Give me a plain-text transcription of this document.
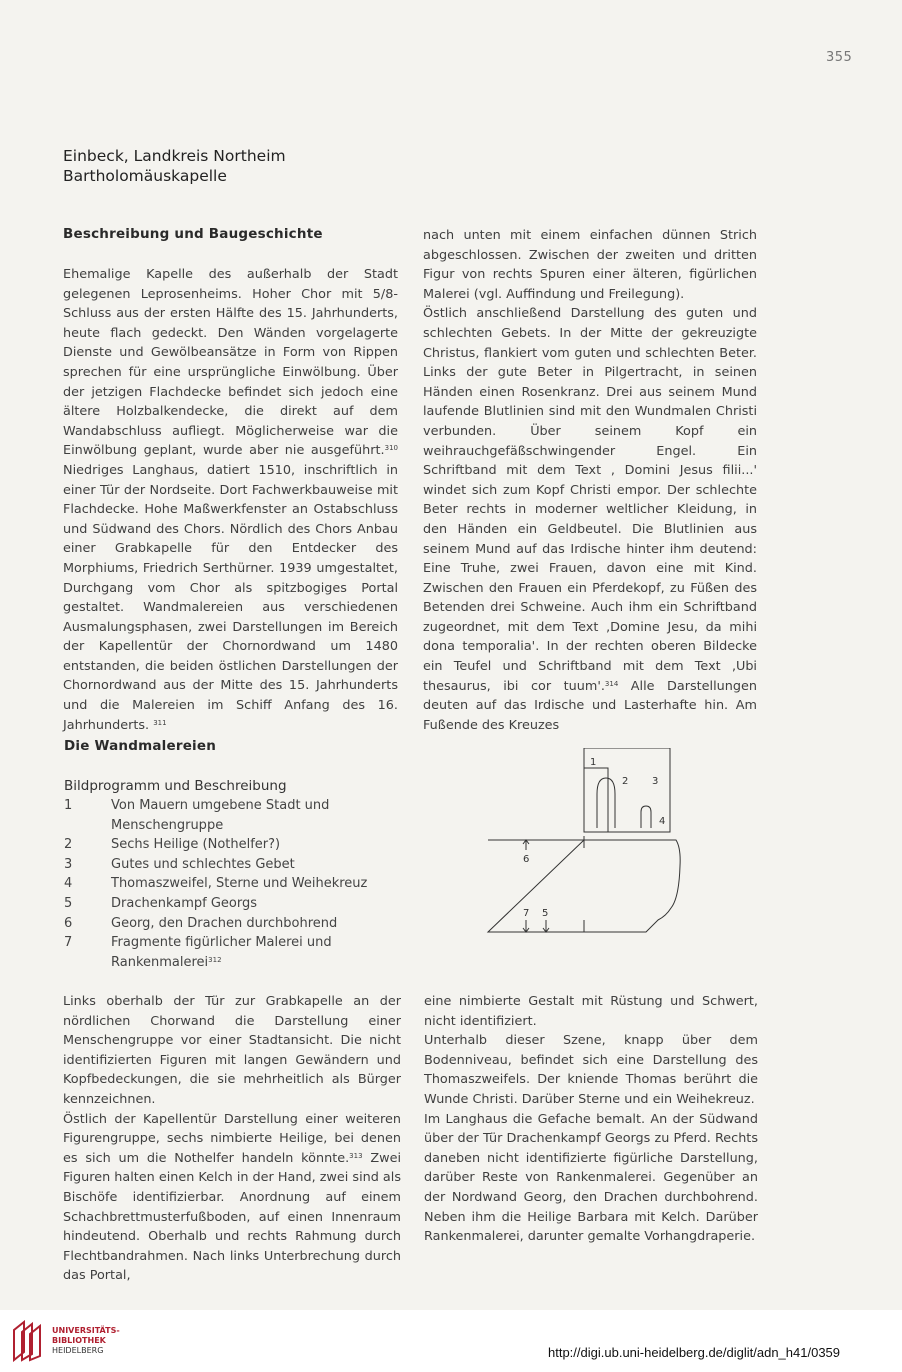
355
Einbeck, Landkreis Northeim
Bartholomäuskapelle
Beschreibung und Baugeschichte

Ehemalige Kapelle des außerhalb der Stadt gelegenen Leprosenheims. Hoher Chor mit 5/8-Schluss aus der ersten Hälfte des 15. Jahrhunderts, heute flach gedeckt. Den Wänden vorgelagerte Dienste und Gewölbeansätze in Form von Rippen sprechen für eine ursprüngliche Einwölbung. Über der jetzigen Flachdecke befindet sich jedoch eine ältere Holzbalkendecke, die direkt auf dem Wandabschluss aufliegt. Möglicherweise war die Einwölbung geplant, wurde aber nie ausgeführt.$^{310}$ Niedriges Langhaus, datiert 1510, inschriftlich in einer Tür der Nordseite. Dort Fachwerkbauweise mit Flachdecke. Hohe Maßwerkfenster an Ostabschluss und Südwand des Chors. Nördlich des Chors Anbau einer Grabkapelle für den Entdecker des Morphiums, Friedrich Serthürner. 1939 umgestaltet, Durchgang vom Chor als spitzbogiges Portal gestaltet. Wandmalereien aus verschiedenen Ausmalungsphasen, zwei Darstellungen im Bereich der Kapellentür der Chornordwand um 1480 entstanden, die beiden östlichen Darstellungen der Chornordwand aus der Mitte des 15. Jahrhunderts und die Malereien im Schiff Anfang des 16. Jahrhunderts. $^{311}$

nach unten mit einem einfachen dünnen Strich abgeschlossen. Zwischen der zweiten und dritten Figur von rechts Spuren einer älteren, figürlichen Malerei (vgl. Auffindung und Freilegung).

Östlich anschließend Darstellung des guten und schlechten Gebets. In der Mitte der gekreuzigte Christus, flankiert vom guten und schlechten Beter. Links der gute Beter in Pilgertracht, in seinen Händen einen Rosenkranz. Drei aus seinem Mund laufende Blutlinien sind mit den Wundmalen Christi verbunden. Über seinem Kopf ein weihrauchgefäßschwingender Engel. Ein Schriftband mit dem Text , Domini Jesus filii...' windet sich zum Kopf Christi empor. Der schlechte Beter rechts in moderner weltlicher Kleidung, in den Händen ein Geldbeutel. Die Blutlinien aus seinem Mund auf das Irdische hinter ihm deutend: Eine Truhe, zwei Frauen, davon eine mit Kind. Zwischen den Frauen ein Pferdekopf, zu Füßen des Betenden drei Schweine. Auch ihm ein Schriftband zugeordnet, mit dem Text ‚Domine Jesu, da mihi dona temporalia'. In der rechten oberen Bildecke ein Teufel und Schriftband mit dem Text ‚Ubi thesaurus, ibi cor tuum'.$^{314}$ Alle Darstellungen deuten auf das Irdische und Lasterhafte hin. Am Fußende des Kreuzes

Die Wandmalereien
Bildprogramm und Beschreibung
1	Von Mauern umgebene Stadt und Menschengruppe
2	Sechs Heilige (Nothelfer?)
3	Gutes und schlechtes Gebet
4	Thomaszweifel, Sterne und Weihekreuz
5	Drachenkampf Georgs
6	Georg, den Drachen durchbohrend
7	Fragmente figürlicher Malerei und Rankenmalerei$^{312}$
1
2 3
4
6
7 5

Links oberhalb der Tür zur Grabkapelle an der nördlichen Chorwand die Darstellung einer Menschengruppe vor einer Stadtansicht. Die nicht identifizierten Figuren mit langen Gewändern und Kopfbedeckungen, die sie mehrheitlich als Bürger kennzeichnen.

Östlich der Kapellentür Darstellung einer weiteren Figurengruppe, sechs nimbierte Heilige, bei denen es sich um die Nothelfer handeln könnte.$^{313}$ Zwei Figuren halten einen Kelch in der Hand, zwei sind als Bischöfe identifizierbar. Anordnung auf einem Schachbrettmusterfußboden, auf einen Innenraum hindeutend. Oberhalb und rechts Rahmung durch Flechtbandrahmen. Nach links Unterbrechung durch das Portal,

eine nimbierte Gestalt mit Rüstung und Schwert, nicht identifiziert.

Unterhalb dieser Szene, knapp über dem Bodenniveau, befindet sich eine Darstellung des Thomaszweifels. Der kniende Thomas berührt die Wunde Christi. Darüber Sterne und ein Weihekreuz.

Im Langhaus die Gefache bemalt. An der Südwand über der Tür Drachenkampf Georgs zu Pferd. Rechts daneben nicht identifizierte figürliche Darstellung, darüber Reste von Rankenmalerei. Gegenüber an der Nordwand Georg, den Drachen durchbohrend. Neben ihm die Heilige Barbara mit Kelch. Darüber Rankenmalerei, darunter gemalte Vorhangdraperie.

UNIVERSITÄTS-
BIBLIOTHEK
HEIDELBERG	http://digi.ub.uni-heidelberg.de/diglit/adn_h41/0359
